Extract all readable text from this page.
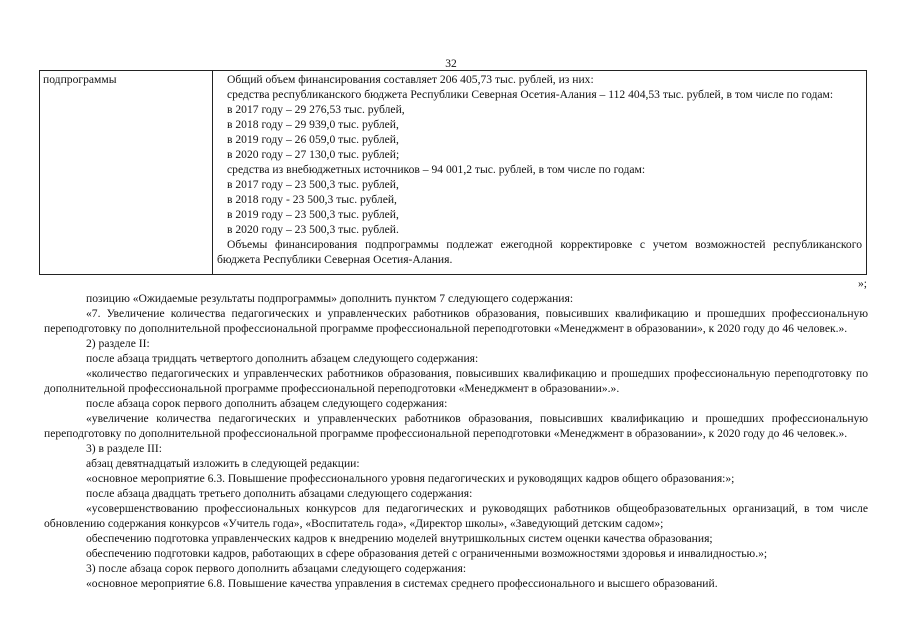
32
подпрограммы	Общий объем финансирования составляет 206 405,73 тыс. рублей, из них:

средства республиканского бюджета Республики Северная Осетия-Алания – 112 404,53 тыс. рублей, в том числе по годам:

в 2017 году – 29 276,53 тыс. рублей,

в 2018 году – 29 939,0 тыс. рублей,

в 2019 году – 26 059,0 тыс. рублей,

в 2020 году – 27 130,0 тыс. рублей;

средства из внебюджетных источников – 94 001,2 тыс. рублей, в том числе по годам:

в 2017 году – 23 500,3 тыс. рублей,

в 2018 году - 23 500,3 тыс. рублей,

в 2019 году – 23 500,3 тыс. рублей,

в 2020 году – 23 500,3 тыс. рублей.

Объемы финансирования подпрограммы подлежат ежегодной корректировке с учетом возможностей республиканского бюджета Республики Северная Осетия-Алания.

»;

позицию «Ожидаемые результаты подпрограммы» дополнить пунктом 7 следующего содержания:

«7. Увеличение количества педагогических и управленческих работников образования, повысивших квалификацию и прошедших профессиональную переподготовку по дополнительной профессиональной программе профессиональной переподготовки «Менеджмент в образовании», к 2020 году до 46 человек.».

2) разделе II:

после абзаца тридцать четвертого дополнить абзацем следующего содержания:

«количество педагогических и управленческих работников образования, повысивших квалификацию и прошедших профессиональную переподготовку по дополнительной профессиональной программе профессиональной переподготовки «Менеджмент в образовании».».

после абзаца сорок первого дополнить абзацем следующего содержания:

«увеличение количества педагогических и управленческих работников образования, повысивших квалификацию и прошедших профессиональную переподготовку по дополнительной профессиональной программе профессиональной переподготовки «Менеджмент в образовании», к 2020 году до 46 человек.».

3) в разделе III:

абзац девятнадцатый изложить в следующей редакции:

«основное мероприятие 6.3. Повышение профессионального уровня педагогических и руководящих кадров общего образования:»;

после абзаца двадцать третьего дополнить абзацами следующего содержания:

«усовершенствованию профессиональных конкурсов для педагогических и руководящих работников общеобразовательных организаций, в том числе обновлению содержания конкурсов «Учитель года», «Воспитатель года», «Директор школы», «Заведующий детским садом»;

обеспечению подготовка управленческих кадров к внедрению моделей внутришкольных систем оценки качества образования;

обеспечению подготовки кадров, работающих в сфере образования детей с ограниченными возможностями здоровья и инвалидностью.»;

3) после абзаца сорок первого дополнить абзацами следующего содержания:

«основное мероприятие 6.8. Повышение качества управления в системах среднего профессионального и высшего образований.
